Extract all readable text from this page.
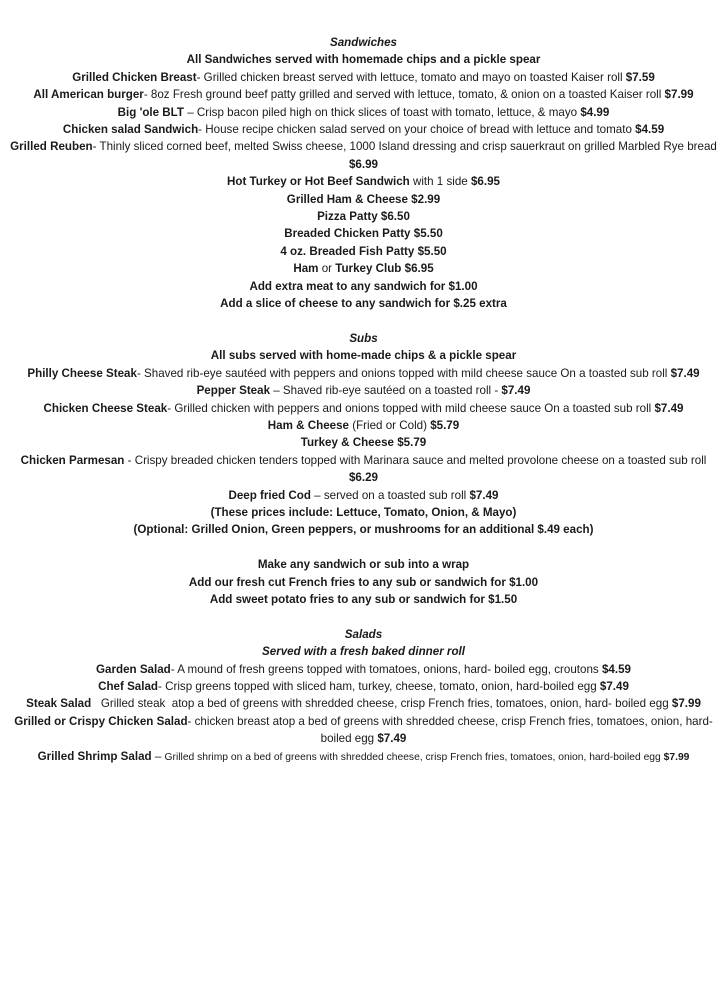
Sandwiches

All Sandwiches served with homemade chips and a pickle spear

Grilled Chicken Breast- Grilled chicken breast served with lettuce, tomato and mayo on toasted Kaiser roll $7.59

All American burger- 8oz Fresh ground beef patty grilled and served with lettuce, tomato, & onion on a toasted Kaiser roll $7.99

Big 'ole BLT – Crisp bacon piled high on thick slices of toast with tomato, lettuce, & mayo $4.99

Chicken salad Sandwich- House recipe chicken salad served on your choice of bread with lettuce and tomato $4.59

Grilled Reuben- Thinly sliced corned beef, melted Swiss cheese, 1000 Island dressing and crisp sauerkraut on grilled Marbled Rye bread $6.99

Hot Turkey or Hot Beef Sandwich with 1 side $6.95

Grilled Ham & Cheese $2.99

Pizza Patty $6.50

Breaded Chicken Patty $5.50

4 oz. Breaded Fish Patty $5.50

Ham or Turkey Club $6.95

Add extra meat to any sandwich for $1.00

Add a slice of cheese to any sandwich for $.25 extra

Subs

All subs served with home-made chips & a pickle spear

Philly Cheese Steak- Shaved rib-eye sautéed with peppers and onions topped with mild cheese sauce On a toasted sub roll $7.49

Pepper Steak – Shaved rib-eye sautéed on a toasted roll - $7.49

Chicken Cheese Steak- Grilled chicken with peppers and onions topped with mild cheese sauce On a toasted sub roll $7.49

Ham & Cheese (Fried or Cold) $5.79

Turkey & Cheese $5.79

Chicken Parmesan - Crispy breaded chicken tenders topped with Marinara sauce and melted provolone cheese on a toasted sub roll $6.29

Deep fried Cod – served on a toasted sub roll $7.49

(These prices include: Lettuce, Tomato, Onion, & Mayo)

(Optional: Grilled Onion, Green peppers, or mushrooms for an additional $.49 each)

Make any sandwich or sub into a wrap

Add our fresh cut French fries to any sub or sandwich for $1.00

Add sweet potato fries to any sub or sandwich for $1.50

Salads

Served with a fresh baked dinner roll

Garden Salad- A mound of fresh greens topped with tomatoes, onions, hard- boiled egg, croutons $4.59

Chef Salad- Crisp greens topped with sliced ham, turkey, cheese, tomato, onion, hard-boiled egg $7.49

Steak Salad Grilled steak  atop a bed of greens with shredded cheese, crisp French fries, tomatoes, onion, hard- boiled egg $7.99

Grilled or Crispy Chicken Salad- chicken breast atop a bed of greens with shredded cheese, crisp French fries, tomatoes, onion, hard-boiled egg $7.49

Grilled Shrimp Salad – Grilled shrimp on a bed of greens with shredded cheese, crisp French fries, tomatoes, onion, hard-boiled egg $7.99
